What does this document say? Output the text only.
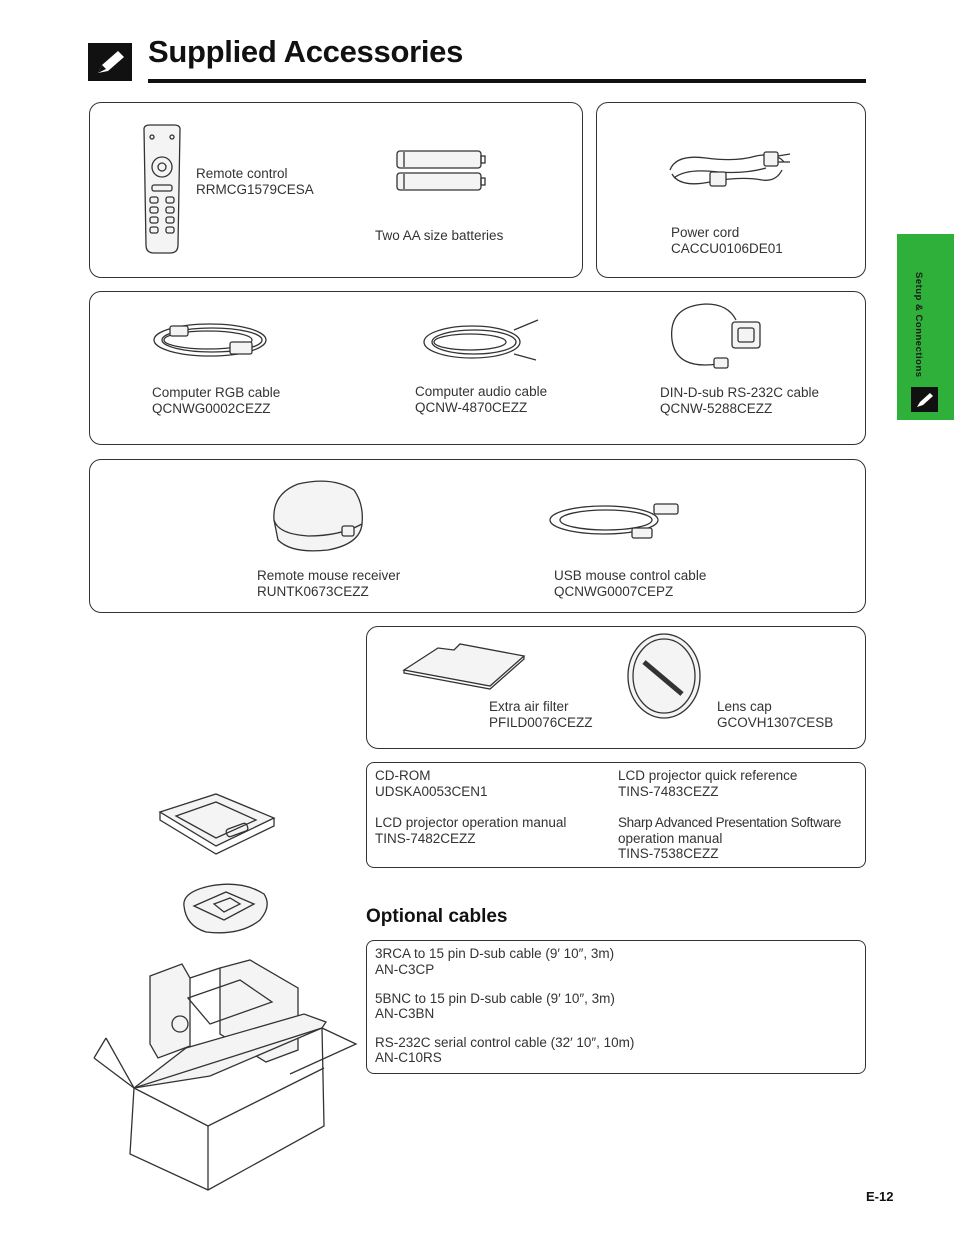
Supplied Accessories
Setup & Connections
Remote control
RRMCG1579CESA
Two AA size batteries	Power cord
CACCU0106DE01
Computer RGB cable
QCNWG0002CEZZ
Computer audio cable
QCNW-4870CEZZ
DIN-D-sub RS-232C cable
QCNW-5288CEZZ
Remote mouse receiver
RUNTK0673CEZZ
USB mouse control cable
QCNWG0007CEPZ
Extra air filter
PFILD0076CEZZ
Lens cap
GCOVH1307CESB
CD-ROM
UDSKA0053CEN1
LCD projector operation manual
TINS-7482CEZZ
LCD projector quick reference
TINS-7483CEZZ
Sharp Advanced Presentation Software
operation manual
TINS-7538CEZZ
Optional cables
3RCA to 15 pin D-sub cable (9′ 10″, 3m)
AN-C3CP
5BNC to 15 pin D-sub cable (9′ 10″, 3m)
AN-C3BN
RS-232C serial control cable (32′ 10″, 10m)
AN-C10RS
E-12
